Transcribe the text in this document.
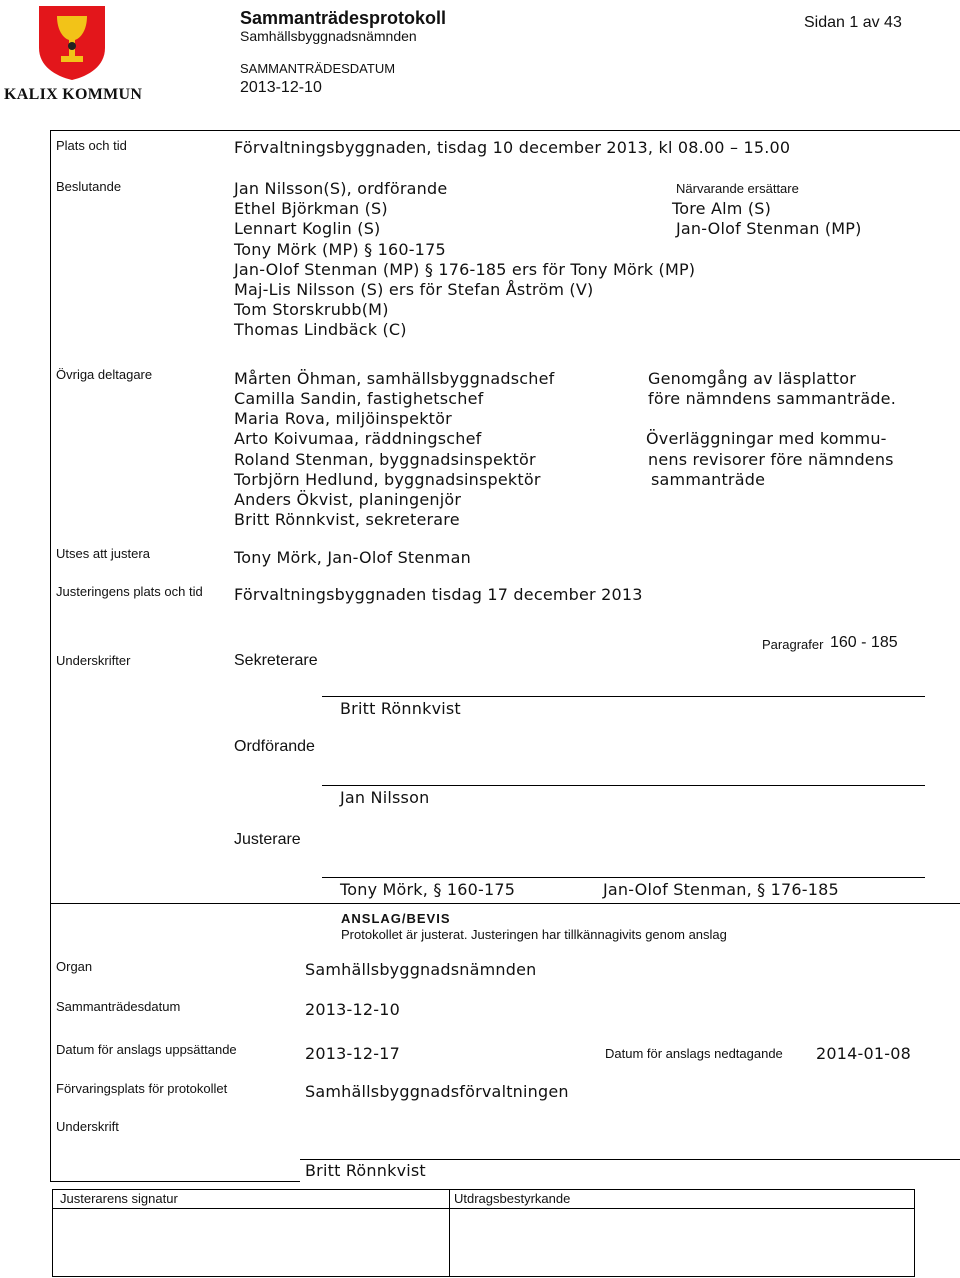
KALIX KOMMUN
Sammanträdesprotokoll
Samhällsbyggnadsnämnden
Sidan 1 av 43
SAMMANTRÄDESDATUM
2013-12-10
Plats och tid	Förvaltningsbyggnaden, tisdag 10 december 2013, kl 08.00 – 15.00
Beslutande	Jan Nilsson(S), ordförande
Ethel Björkman (S)
Lennart Koglin (S)
Tony Mörk (MP) § 160-175
Jan-Olof Stenman (MP) § 176-185 ers för Tony Mörk (MP)
Maj-Lis Nilsson (S) ers för Stefan Åström (V)
Tom Storskrubb(M)
Thomas Lindbäck (C)
Närvarande ersättare
Tore Alm (S)
Jan-Olof Stenman (MP)
Övriga deltagare	Mårten Öhman, samhällsbyggnadschef
Camilla Sandin, fastighetschef
Maria Rova, miljöinspektör
Arto Koivumaa, räddningschef
Roland Stenman, byggnadsinspektör
Torbjörn Hedlund, byggnadsinspektör
Anders Ökvist, planingenjör
Britt Rönnkvist, sekreterare
Genomgång av läsplattor
före nämndens sammanträde.
Överläggningar med kommu-
nens revisorer före nämndens
sammanträde
Utses att justera	Tony Mörk, Jan-Olof Stenman
Justeringens plats och tid	Förvaltningsbyggnaden tisdag 17 december 2013
Underskrifter
Paragrafer 160 - 185
Sekreterare
Britt Rönnkvist
Ordförande
Jan Nilsson
Justerare
Tony Mörk, § 160-175	Jan-Olof Stenman, § 176-185
ANSLAG/BEVIS
Protokollet är justerat. Justeringen har tillkännagivits genom anslag
Organ	Samhällsbyggnadsnämnden
Sammanträdesdatum	2013-12-10
Datum för anslags uppsättande	2013-12-17	Datum för anslags nedtagande 2014-01-08
Förvaringsplats för protokollet	Samhällsbyggnadsförvaltningen
Underskrift
Britt Rönnkvist
Justerarens signatur	Utdragsbestyrkande
